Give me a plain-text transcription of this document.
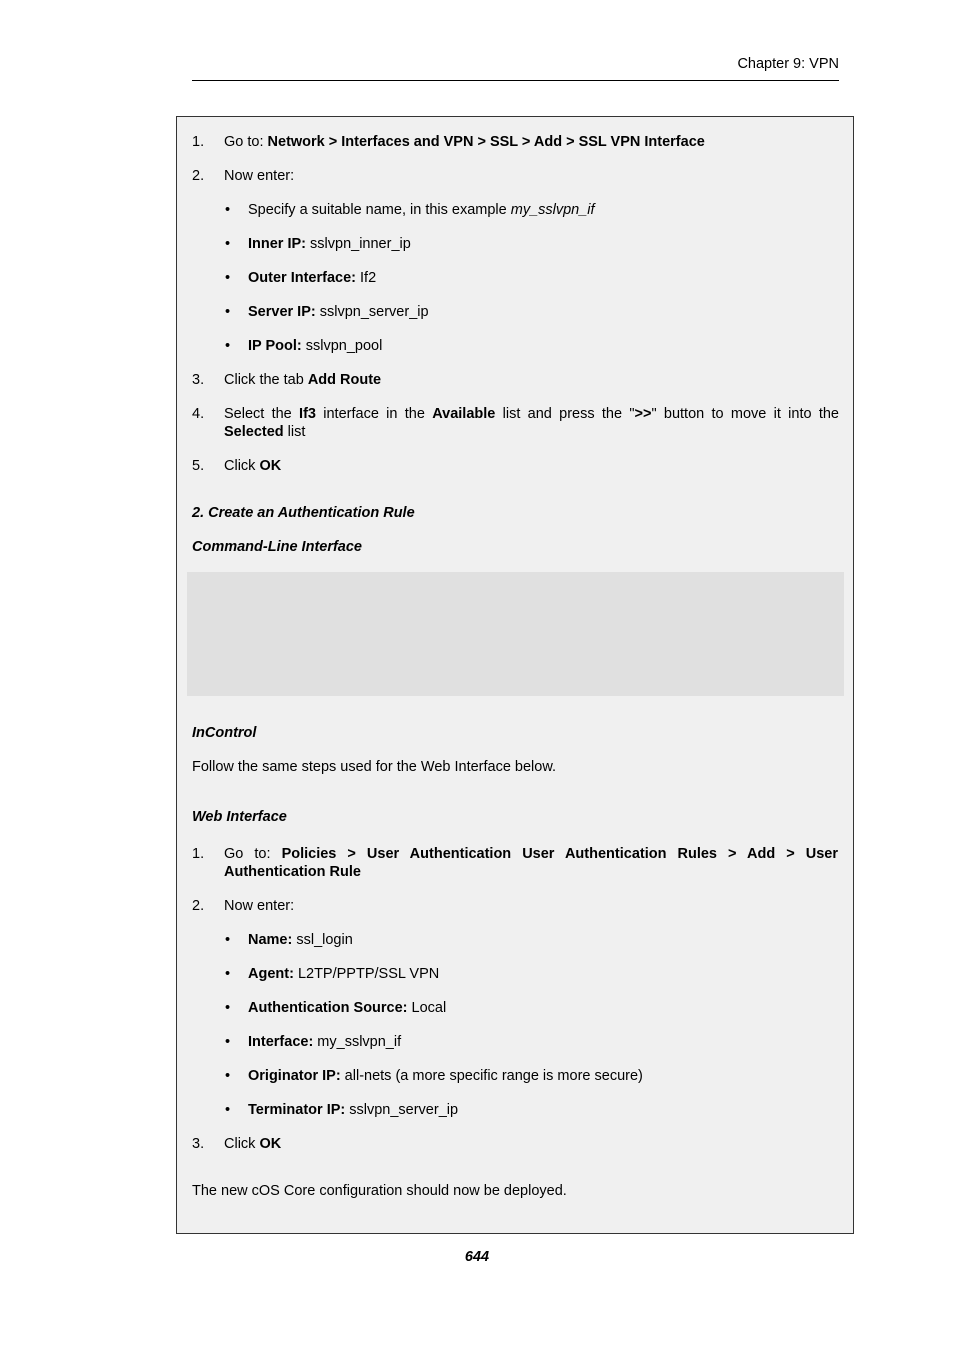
Chapter 9: VPN
1. Go to: Network > Interfaces and VPN > SSL > Add > SSL VPN Interface
2. Now enter:
• Specify a suitable name, in this example my_sslvpn_if
• Inner IP: sslvpn_inner_ip
• Outer Interface: If2
• Server IP: sslvpn_server_ip
• IP Pool: sslvpn_pool
3. Click the tab Add Route
4. Select the If3 interface in the Available list and press the ">>" button to move it into the Selected list
5. Click OK
2. Create an Authentication Rule
Command-Line Interface
InControl
Follow the same steps used for the Web Interface below.
Web Interface
1. Go to: Policies > User Authentication User Authentication Rules > Add > User Authentication Rule
2. Now enter:
• Name: ssl_login
• Agent: L2TP/PPTP/SSL VPN
• Authentication Source: Local
• Interface: my_sslvpn_if
• Originator IP: all-nets (a more specific range is more secure)
• Terminator IP: sslvpn_server_ip
3. Click OK
The new cOS Core configuration should now be deployed.
644
